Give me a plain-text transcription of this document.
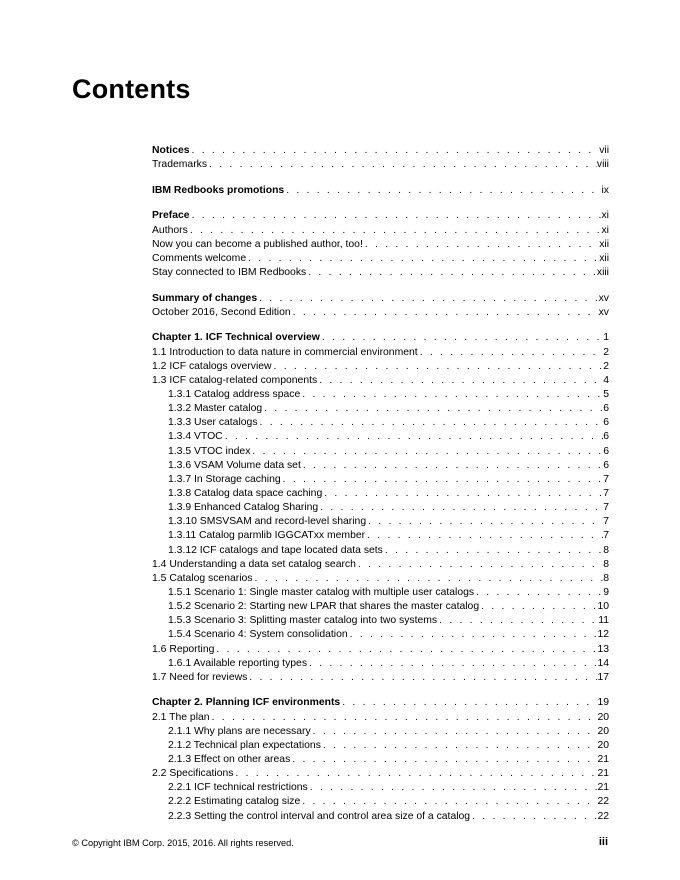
Contents
Notices . . .	vii
Trademarks . . .	viii
IBM Redbooks promotions . . .	ix
Preface . . .	xi
Authors . . .	xi
Now you can become a published author, too! . . .	xii
Comments welcome . . .	xii
Stay connected to IBM Redbooks . . .	xiii
Summary of changes . . .	xv
October 2016, Second Edition . . .	xv
Chapter 1. ICF Technical overview . . .	1
1.1 Introduction to data nature in commercial environment . . .	2
1.2 ICF catalogs overview . . .	2
1.3 ICF catalog-related components . . .	4
1.3.1 Catalog address space . . .	5
1.3.2 Master catalog . . .	6
1.3.3 User catalogs . . .	6
1.3.4 VTOC . . .	6
1.3.5 VTOC index . . .	6
1.3.6 VSAM Volume data set . . .	6
1.3.7 In Storage caching . . .	7
1.3.8 Catalog data space caching . . .	7
1.3.9 Enhanced Catalog Sharing . . .	7
1.3.10 SMSVSAM and record-level sharing . . .	7
1.3.11 Catalog parmlib IGGCATxx member . . .	7
1.3.12 ICF catalogs and tape located data sets . . .	8
1.4 Understanding a data set catalog search . . .	8
1.5 Catalog scenarios . . .	8
1.5.1 Scenario 1: Single master catalog with multiple user catalogs . . .	9
1.5.2 Scenario 2: Starting new LPAR that shares the master catalog . . .	10
1.5.3 Scenario 3: Splitting master catalog into two systems . . .	11
1.5.4 Scenario 4: System consolidation . . .	12
1.6 Reporting . . .	13
1.6.1 Available reporting types . . .	14
1.7 Need for reviews . . .	17
Chapter 2. Planning ICF environments . . .	19
2.1 The plan . . .	20
2.1.1 Why plans are necessary . . .	20
2.1.2 Technical plan expectations . . .	20
2.1.3 Effect on other areas . . .	21
2.2 Specifications . . .	21
2.2.1 ICF technical restrictions . . .	21
2.2.2 Estimating catalog size . . .	22
2.2.3 Setting the control interval and control area size of a catalog . . .	22
© Copyright IBM Corp. 2015, 2016. All rights reserved.	iii
